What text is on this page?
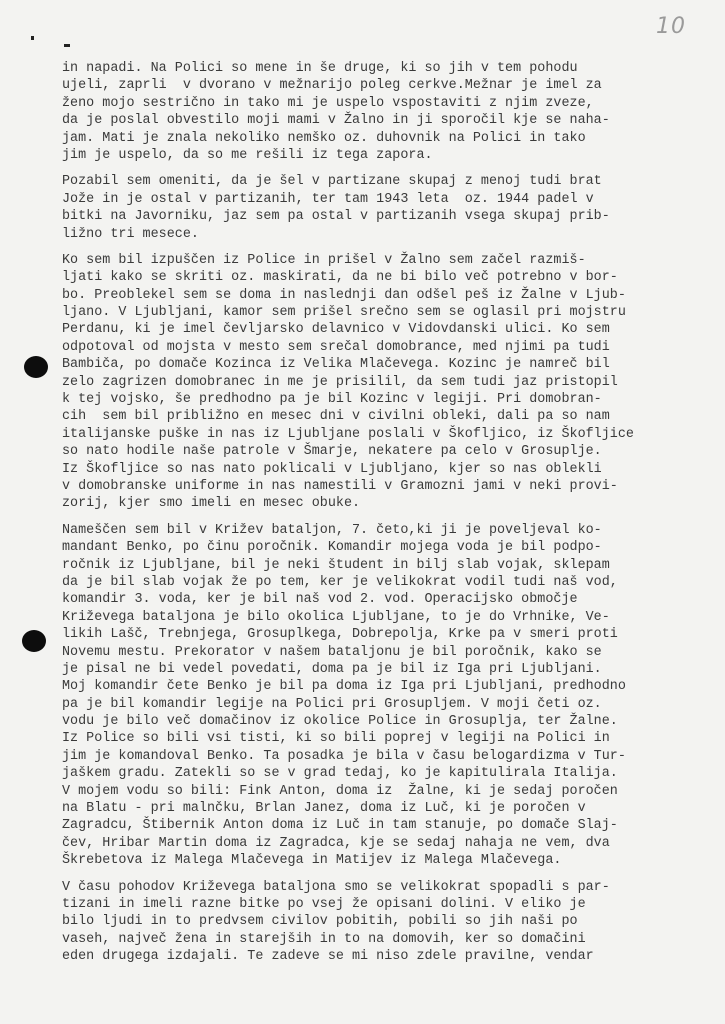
10
in napadi. Na Polici so mene in še druge, ki so jih v tem pohodu
ujeli, zaprli  v dvorano v mežnarijo poleg cerkve.Mežnar je imel za
ženo mojo sestrično in tako mi je uspelo vspostaviti z njim zveze,
da je poslal obvestilo moji mami v Žalno in ji sporočil kje se naha-
jam. Mati je znala nekoliko nemško oz. duhovnik na Polici in tako
jim je uspelo, da so me rešili iz tega zapora.
Pozabil sem omeniti, da je šel v partizane skupaj z menoj tudi brat
Jože in je ostal v partizanih, ter tam 1943 leta  oz. 1944 padel v
bitki na Javorniku, jaz sem pa ostal v partizanih vsega skupaj prib-
ližno tri mesece.
Ko sem bil izpuščen iz Police in prišel v Žalno sem začel razmiš-
ljati kako se skriti oz. maskirati, da ne bi bilo več potrebno v bor-
bo. Preoblekel sem se doma in naslednji dan odšel peš iz Žalne v Ljub-
ljano. V Ljubljani, kamor sem prišel srečno sem se oglasil pri mojstru
Perdanu, ki je imel čevljarsko delavnico v Vidovdanski ulici. Ko sem
odpotoval od mojsta v mesto sem srečal domobrance, med njimi pa tudi
Bambiča, po domače Kozinca iz Velika Mlačevega. Kozinc je namreč bil
zelo zagrizen domobranec in me je prisilil, da sem tudi jaz pristopil
k tej vojsko, še predhodno pa je bil Kozinc v legiji. Pri domobran-
cih  sem bil približno en mesec dni v civilni obleki, dali pa so nam
italijanske puške in nas iz Ljubljane poslali v Škofljico, iz Škofljice
so nato hodile naše patrole v Šmarje, nekatere pa celo v Grosuplje.
Iz Škofljice so nas nato poklicali v Ljubljano, kjer so nas oblekli
v domobranske uniforme in nas namestili v Gramozni jami v neki provi-
zorij, kjer smo imeli en mesec obuke.
Nameščen sem bil v Križev bataljon, 7. četo,ki ji je poveljeval ko-
mandant Benko, po činu poročnik. Komandir mojega voda je bil podpo-
ročnik iz Ljubljane, bil je neki študent in bilj slab vojak, sklepam
da je bil slab vojak že po tem, ker je velikokrat vodil tudi naš vod,
komandir 3. voda, ker je bil naš vod 2. vod. Operacijsko območje
Križevega bataljona je bilo okolica Ljubljane, to je do Vrhnike, Ve-
likih Lašč, Trebnjega, Grosuplkega, Dobrepolja, Krke pa v smeri proti
Novemu mestu. Prekorator v našem bataljonu je bil poročnik, kako se
je pisal ne bi vedel povedati, doma pa je bil iz Iga pri Ljubljani.
Moj komandir čete Benko je bil pa doma iz Iga pri Ljubljani, predhodno
pa je bil komandir legije na Polici pri Grosupljem. V moji četi oz.
vodu je bilo več domačinov iz okolice Police in Grosuplja, ter Žalne.
Iz Police so bili vsi tisti, ki so bili poprej v legiji na Polici in
jim je komandoval Benko. Ta posadka je bila v času belogardizma v Tur-
jaškem gradu. Zatekli so se v grad tedaj, ko je kapitulirala Italija.
V mojem vodu so bili: Fink Anton, doma iz  Žalne, ki je sedaj poročen
na Blatu - pri malnčku, Brlan Janez, doma iz Luč, ki je poročen v
Zagradcu, Štibernik Anton doma iz Luč in tam stanuje, po domače Slaj-
čev, Hribar Martin doma iz Zagradca, kje se sedaj nahaja ne vem, dva
Škrebetova iz Malega Mlačevega in Matijev iz Malega Mlačevega.
V času pohodov Križevega bataljona smo se velikokrat spopadli s par-
tizani in imeli razne bitke po vsej že opisani dolini. V eliko je
bilo ljudi in to predvsem civilov pobitih, pobili so jih naši po
vaseh, največ žena in starejših in to na domovih, ker so domačini
eden drugega izdajali. Te zadeve se mi niso zdele pravilne, vendar
